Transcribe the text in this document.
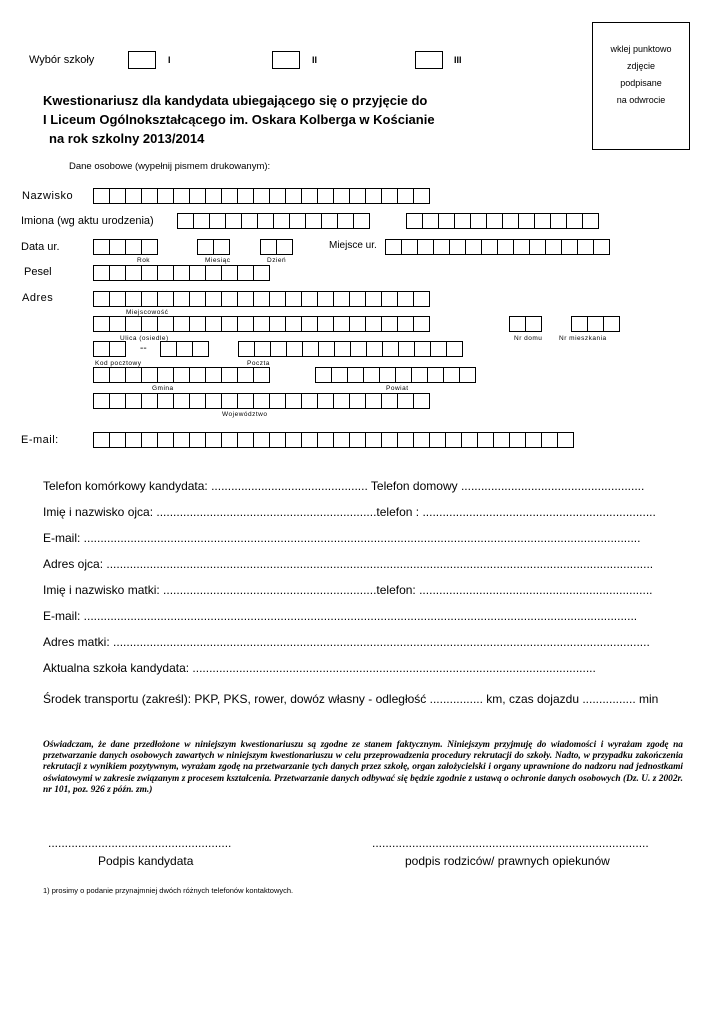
Wybór szkoły	I	II	III
wklej punktowo
zdjęcie
podpisane
na odwrocie
Kwestionariusz dla kandydata ubiegającego się o przyjęcie do
I Liceum Ogólnokształcącego im. Oskara Kolberga w Kościanie
na rok szkolny 2013/2014
Dane osobowe (wypełnij pismem drukowanym):
Nazwisko
Imiona (wg aktu urodzenia)
Data ur.	Miejsce ur.
Rok	Miesiąc	Dzień
Pesel
Adres
Miejscowość
Ulica (osiedle)	Nr domu	Nr mieszkania
--
Kod pocztowy	Poczta
Gmina	Powiat
Województwo
E-mail:
Telefon komórkowy kandydata: ............................................... Telefon domowy .......................................................
Imię i nazwisko ojca: ..................................................................telefon : ......................................................................
E-mail: .......................................................................................................................................................................
Adres ojca: ....................................................................................................................................................................
Imię i nazwisko matki: ................................................................telefon: ......................................................................
E-mail: ......................................................................................................................................................................
Adres matki: .................................................................................................................................................................
Aktualna szkoła kandydata: .........................................................................................................................
Środek transportu (zakreśl): PKP, PKS, rower, dowóz własny - odległość ................ km, czas dojazdu ................ min
Oświadczam, że dane przedłożone w niniejszym kwestionariuszu są zgodne ze stanem faktycznym. Niniejszym przyjmuję do wiadomości i wyrażam zgodę na przetwarzanie danych osobowych zawartych w niniejszym kwestionariuszu w celu przeprowadzenia procedury rekrutacji do szkoły. Nadto, w przypadku zakończenia rekrutacji z wynikiem pozytywnym, wyrażam zgodę na przetwarzanie tych danych przez szkołę, organ założycielski i organy uprawnione do nadzoru nad jednostkami oświatowymi w zakresie związanym z procesem kształcenia. Przetwarzanie danych odbywać się będzie zgodnie z ustawą o ochronie danych osobowych (Dz. U. z 2002r. nr 101, poz. 926 z późn. zm.)
.......................................................	...................................................................................
Podpis kandydata	podpis rodziców/ prawnych opiekunów
1) prosimy o podanie przynajmniej dwóch różnych telefonów kontaktowych.
